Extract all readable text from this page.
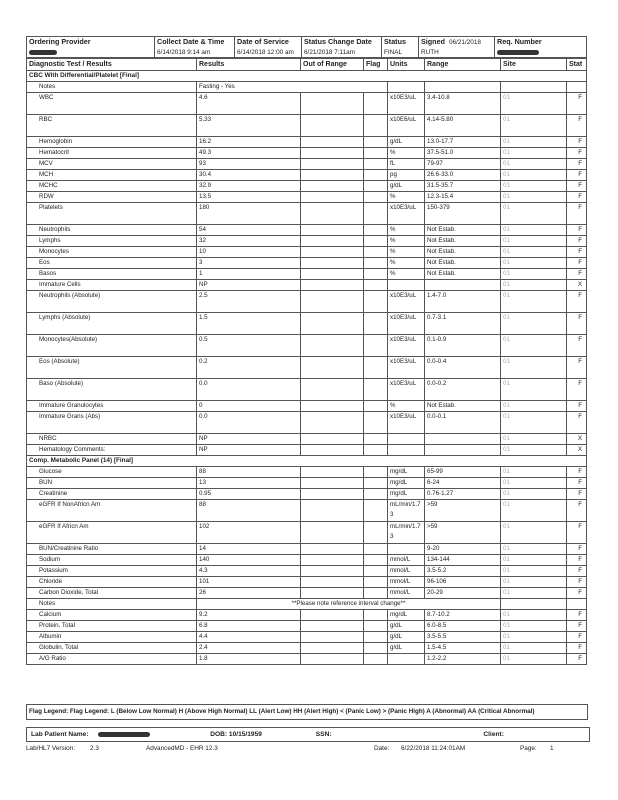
Ordering Provider	Collect Date & Time	Date of Service	Status Change Date	Status	Signed 06/21/2018	Req. Number
	6/14/2018 9:14 am	6/14/2018 12:00 am	6/21/2018 7:11am	FINAL	RUTH	
Diagnostic Test / Results	Results	Out of Range	Flag	Units	Range	Site	Stat
CBC With Differential/Platelet [Final]							
Notes	Fasting - Yes						
WBC	4.6			x10E3/uL	3.4-10.8	01	F
RBC	5.33			x10E6/uL	4.14-5.80	01	F
Hemoglobin	16.2			g/dL	13.0-17.7	01	F
Hematocrit	49.3			%	37.5-51.0	01	F
MCV	93			fL	79-97	01	F
MCH	30.4			pg	26.6-33.0	01	F
MCHC	32.9			g/dL	31.5-35.7	01	F
RDW	13.5			%	12.3-15.4	01	F
Platelets	180			x10E3/uL	150-379	01	F
Neutrophils	54			%	Not Estab.	01	F
Lymphs	32			%	Not Estab.	01	F
Monocytes	10			%	Not Estab.	01	F
Eos	3			%	Not Estab.	01	F
Basos	1			%	Not Estab.	01	F
Immature Cells	NP					01	X
Neutrophils (Absolute)	2.5			x10E3/uL	1.4-7.0	01	F
Lymphs (Absolute)	1.5			x10E3/uL	0.7-3.1	01	F
Monocytes(Absolute)	0.5			x10E3/uL	0.1-0.9	01	F
Eos (Absolute)	0.2			x10E3/uL	0.0-0.4	01	F
Baso (Absolute)	0.0			x10E3/uL	0.0-0.2	01	F
Immature Granulocytes	0			%	Not Estab.	01	F
Immature Grans (Abs)	0.0			x10E3/uL	0.0-0.1	01	F
NRBC	NP					01	X
Hematology Comments:	NP					01	X
Comp. Metabolic Panel (14) [Final]							
Glucose	88			mg/dL	65-99	01	F
BUN	13			mg/dL	6-24	01	F
Creatinine	0.95			mg/dL	0.76-1.27	01	F
eGFR If NonAfricn Am	88			mL/min/1.73	>59	01	F
eGFR If Africn Am	102			mL/min/1.73	>59	01	F
BUN/Creatinine Ratio	14				9-20	01	F
Sodium	140			mmol/L	134-144	01	F
Potassium	4.3			mmol/L	3.5-5.2	01	F
Chloride	101			mmol/L	96-106	01	F
Carbon Dioxide, Total	26			mmol/L	20-29	01	F
Notes	**Please note reference interval change**						
Calcium	9.2			mg/dL	8.7-10.2	01	F
Protein, Total	6.8			g/dL	6.0-8.5	01	F
Albumin	4.4			g/dL	3.5-5.5	01	F
Globulin, Total	2.4			g/dL	1.5-4.5	01	F
A/G Ratio	1.8				1.2-2.2	01	F
Flag Legend: Flag Legend: L (Below Low Normal) H (Above High Normal) LL (Alert Low) HH (Alert High) < (Panic Low) > (Panic High) A (Abnormal) AA (Critical Abnormal)
Lab Patient Name:	DOB: 10/15/1959	SSN:	Client:
Lab/HL7 Version: 2.3	AdvancedMD - EHR 12.3	Date: 6/22/2018 11:24:01AM	Page: 1
